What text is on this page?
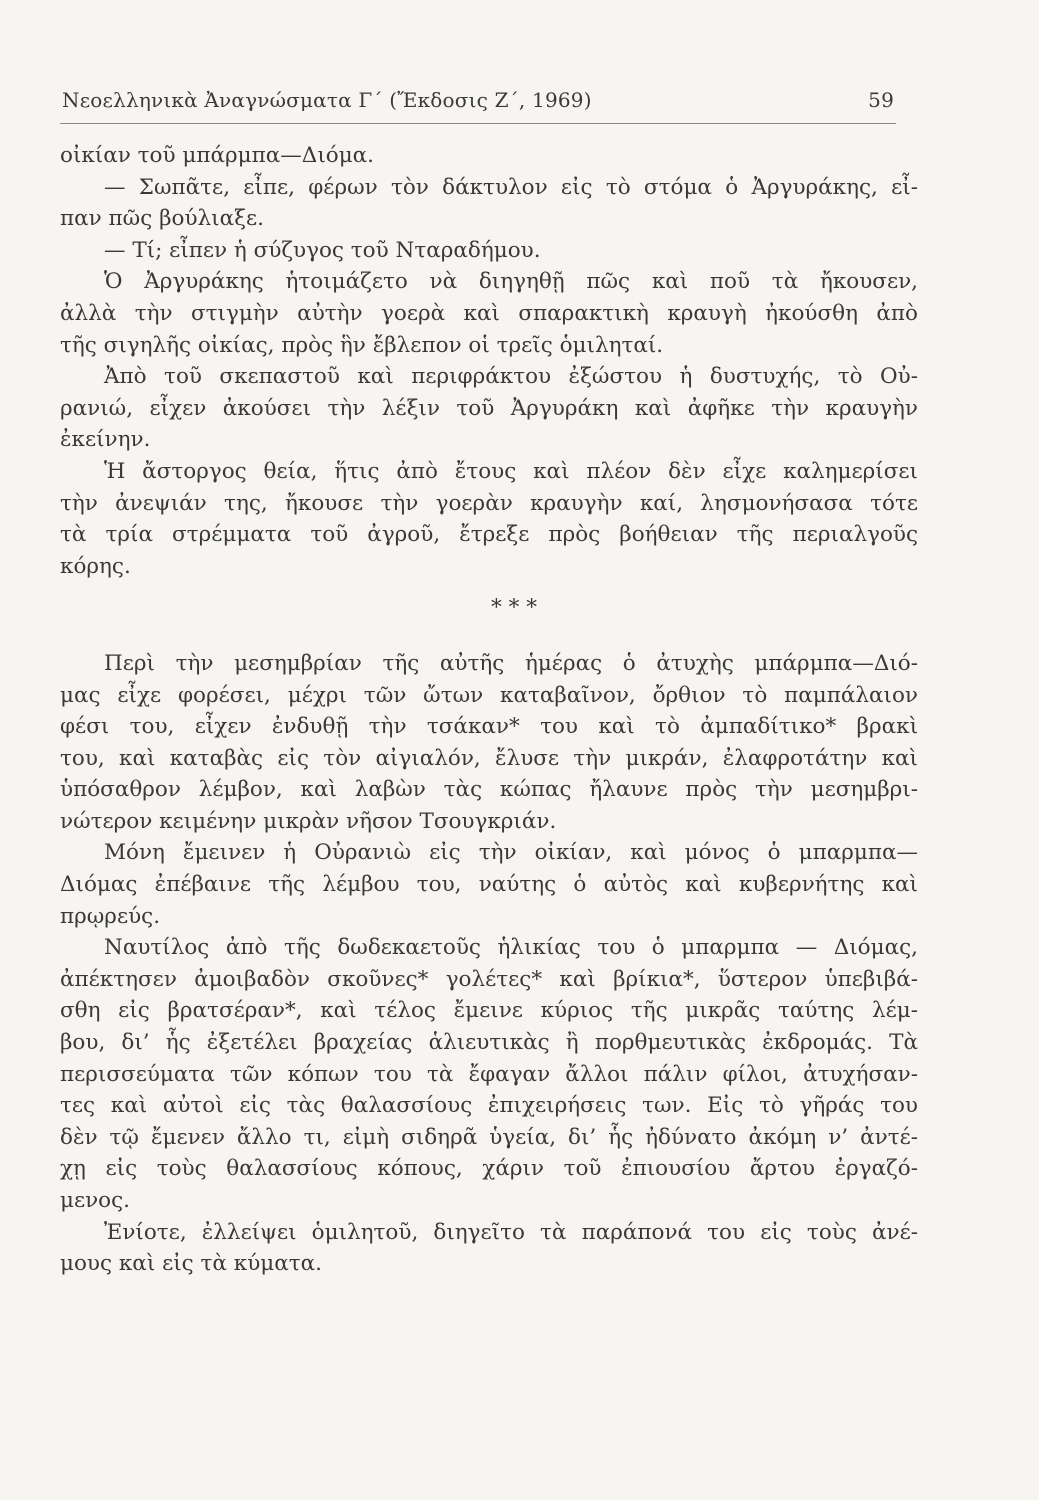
Νεοελληνικὰ Ἀναγνώσματα Γ΄ (Ἔκδοσις Ζ΄, 1969)	59
οἰκίαν τοῦ μπάρμπα—Διόμα.
— Σωπᾶτε, εἶπε, φέρων τὸν δάκτυλον εἰς τὸ στόμα ὁ Ἀργυράκης, εἶ-
παν πῶς βούλιαξε.
— Τί; εἶπεν ἡ σύζυγος τοῦ Νταραδήμου.
Ὁ Ἀργυράκης ἡτοιμάζετο νὰ διηγηθῇ πῶς καὶ ποῦ τὰ ἤκουσεν,
ἀλλὰ τὴν στιγμὴν αὐτὴν γοερὰ καὶ σπαρακτικὴ κραυγὴ ἠκούσθη ἀπὸ
τῆς σιγηλῆς οἰκίας, πρὸς ἣν ἔβλεπον οἱ τρεῖς ὁμιληταί.
Ἀπὸ τοῦ σκεπαστοῦ καὶ περιφράκτου ἐξώστου ἡ δυστυχής, τὸ Οὐ-
ρανιώ, εἶχεν ἀκούσει τὴν λέξιν τοῦ Ἀργυράκη καὶ ἀφῆκε τὴν κραυγὴν
ἐκείνην.
Ἡ ἄστοργος θεία, ἥτις ἀπὸ ἔτους καὶ πλέον δὲν εἶχε καλημερίσει
τὴν ἀνεψιάν της, ἤκουσε τὴν γοερὰν κραυγὴν καί, λησμονήσασα τότε
τὰ τρία στρέμματα τοῦ ἀγροῦ, ἔτρεξε πρὸς βοήθειαν τῆς περιαλγοῦς
κόρης.
* * *
Περὶ τὴν μεσημβρίαν τῆς αὐτῆς ἡμέρας ὁ ἀτυχὴς μπάρμπα—Διό-
μας εἶχε φορέσει, μέχρι τῶν ὤτων καταβαῖνον, ὄρθιον τὸ παμπάλαιον
φέσι του, εἶχεν ἐνδυθῇ τὴν τσάκαν* του καὶ τὸ ἀμπαδίτικο* βρακὶ
του, καὶ καταβὰς εἰς τὸν αἰγιαλόν, ἔλυσε τὴν μικράν, ἐλαφροτάτην καὶ
ὑπόσαθρον λέμβον, καὶ λαβὼν τὰς κώπας ἤλαυνε πρὸς τὴν μεσημβρι-
νώτερον κειμένην μικρὰν νῆσον Τσουγκριάν.
Μόνη ἔμεινεν ἡ Οὐρανιὼ εἰς τὴν οἰκίαν, καὶ μόνος ὁ μπαρμπα—
Διόμας ἐπέβαινε τῆς λέμβου του, ναύτης ὁ αὐτὸς καὶ κυβερνήτης καὶ
πρῳρεύς.
Ναυτίλος ἀπὸ τῆς δωδεκαετοῦς ἡλικίας του ὁ μπαρμπα — Διόμας,
ἀπέκτησεν ἀμοιβαδὸν σκοῦνες* γολέτες* καὶ βρίκια*, ὕστερον ὑπεβιβά-
σθη εἰς βρατσέραν*, καὶ τέλος ἔμεινε κύριος τῆς μικρᾶς ταύτης λέμ-
βου, δι’ ἧς ἐξετέλει βραχείας ἁλιευτικὰς ἢ πορθμευτικὰς ἐκδρομάς. Τὰ
περισσεύματα τῶν κόπων του τὰ ἔφαγαν ἄλλοι πάλιν φίλοι, ἀτυχήσαν-
τες καὶ αὐτοὶ εἰς τὰς θαλασσίους ἐπιχειρήσεις των. Εἰς τὸ γῆράς του
δὲν τῷ ἔμενεν ἄλλο τι, εἰμὴ σιδηρᾶ ὑγεία, δι’ ἧς ἠδύνατο ἀκόμη ν’ ἀντέ-
χῃ εἰς τοὺς θαλασσίους κόπους, χάριν τοῦ ἐπιουσίου ἄρτου ἐργαζό-
μενος.
Ἐνίοτε, ἐλλείψει ὁμιλητοῦ, διηγεῖτο τὰ παράπονά του εἰς τοὺς ἀνέ-
μους καὶ εἰς τὰ κύματα.
